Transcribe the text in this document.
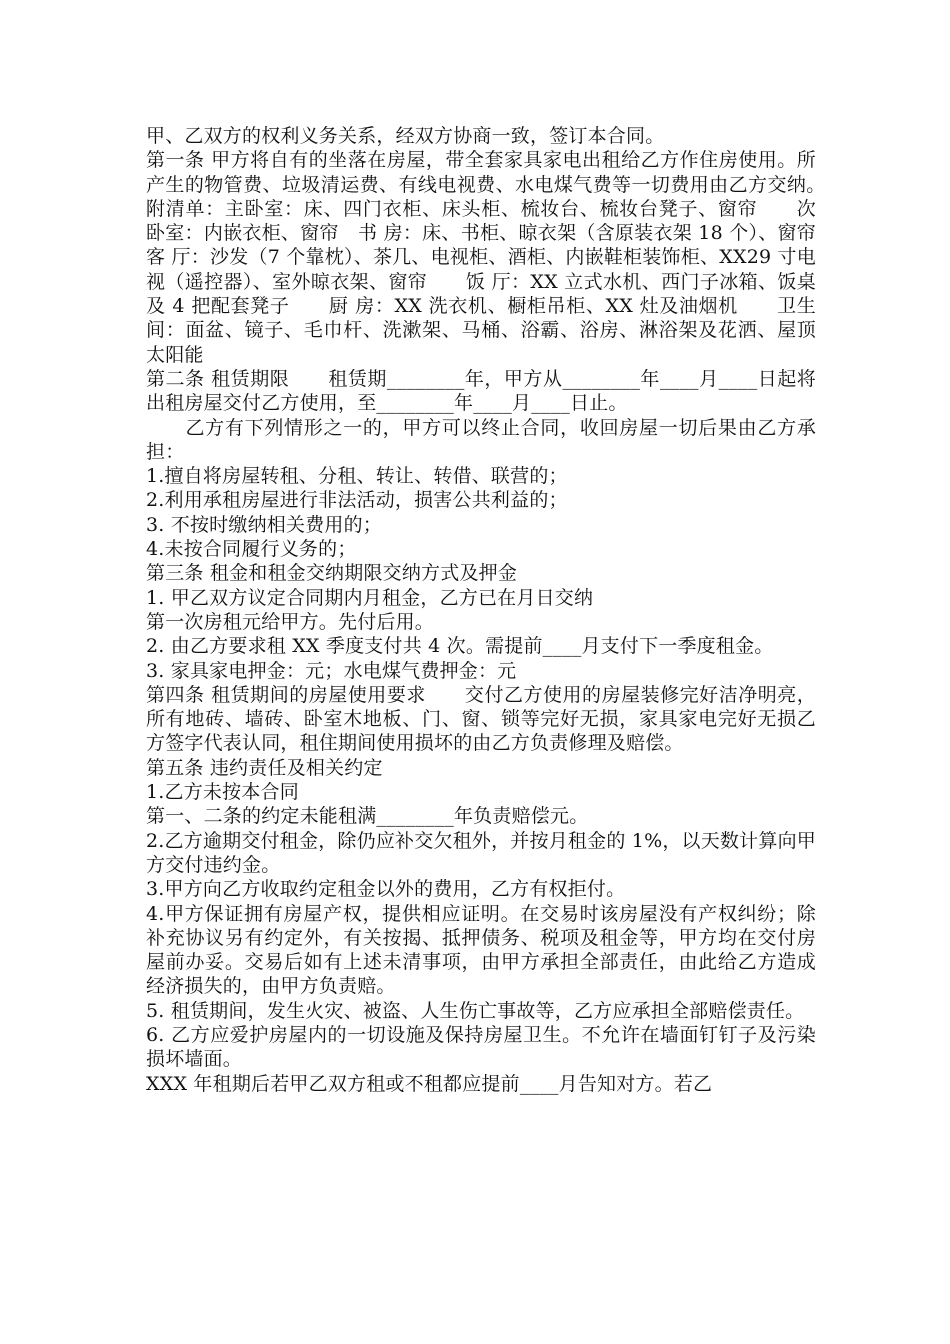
甲、乙双方的权利义务关系，经双方协商一致，签订本合同。

第一条 甲方将自有的坐落在房屋，带全套家具家电出租给乙方作住房使用。所产生的物管费、垃圾清运费、有线电视费、水电煤气费等一切费用由乙方交纳。　　附清单：主卧室：床、四门衣柜、床头柜、梳妆台、梳妆台凳子、窗帘　　次卧室：内嵌衣柜、窗帘　书 房：床、书柜、晾衣架（含原装衣架 18 个）、窗帘　　客 厅：沙发（7 个靠枕）、茶几、电视柜、酒柜、内嵌鞋柜装饰柜、XX29 寸电视（遥控器）、室外晾衣架、窗帘　　饭 厅：XX 立式水机、西门子冰箱、饭桌及 4 把配套凳子　　厨 房：XX 洗衣机、橱柜吊柜、XX 灶及油烟机　　卫生间：面盆、镜子、毛巾杆、洗漱架、马桶、浴霸、浴房、淋浴架及花洒、屋顶太阳能

第二条 租赁期限　　租赁期________年，甲方从________年____月____日起将出租房屋交付乙方使用，至________年____月____日止。

　　乙方有下列情形之一的，甲方可以终止合同，收回房屋一切后果由乙方承担：

1.擅自将房屋转租、分租、转让、转借、联营的；

2.利用承租房屋进行非法活动，损害公共利益的；

3. 不按时缴纳相关费用的；

4.未按合同履行义务的；

第三条 租金和租金交纳期限交纳方式及押金

1. 甲乙双方议定合同期内月租金，乙方已在月日交纳

第一次房租元给甲方。先付后用。

2. 由乙方要求租 XX 季度支付共 4 次。需提前____月支付下一季度租金。

3. 家具家电押金：元；水电煤气费押金：元

第四条 租赁期间的房屋使用要求　　交付乙方使用的房屋装修完好洁净明亮，所有地砖、墙砖、卧室木地板、门、窗、锁等完好无损，家具家电完好无损乙方签字代表认同，租住期间使用损坏的由乙方负责修理及赔偿。

第五条 违约责任及相关约定

1.乙方未按本合同

第一、二条的约定未能租满________年负责赔偿元。

2.乙方逾期交付租金，除仍应补交欠租外，并按月租金的 1%，以天数计算向甲方交付违约金。

3.甲方向乙方收取约定租金以外的费用，乙方有权拒付。

4.甲方保证拥有房屋产权，提供相应证明。在交易时该房屋没有产权纠纷；除补充协议另有约定外，有关按揭、抵押债务、税项及租金等，甲方均在交付房屋前办妥。交易后如有上述未清事项，由甲方承担全部责任，由此给乙方造成经济损失的，由甲方负责赔。

5. 租赁期间，发生火灾、被盗、人生伤亡事故等，乙方应承担全部赔偿责任。

6. 乙方应爱护房屋内的一切设施及保持房屋卫生。不允许在墙面钉钉子及污染损坏墙面。

XXX 年租期后若甲乙双方租或不租都应提前____月告知对方。若乙
